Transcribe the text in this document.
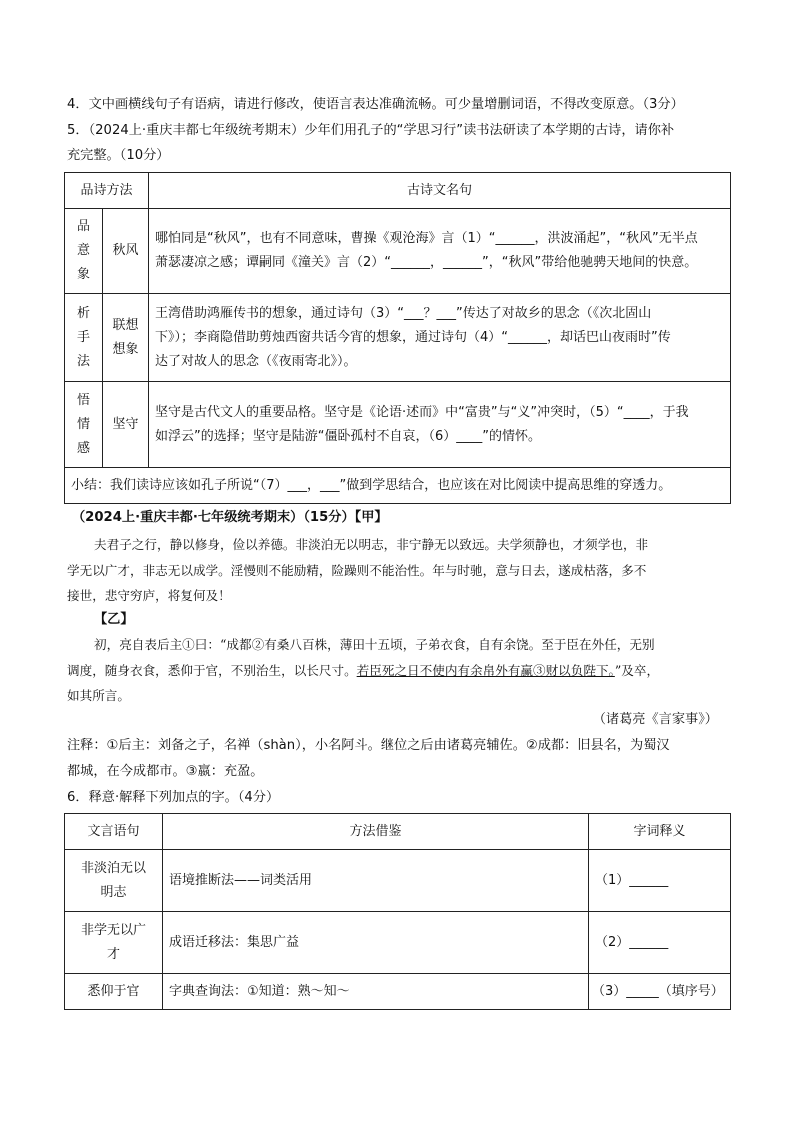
4．文中画横线句子有语病，请进行修改，使语言表达准确流畅。可少量增删词语，不得改变原意。（3分）
5．（2024上·重庆丰都七年级统考期末）少年们用孔子的“学思习行”读书法研读了本学期的古诗，请你补
充完整。（10分）
品诗方法		古诗文名句
品意象	秋风	哪怕同是“秋风”，也有不同意味，曹操《观沧海》言（1）“______，洪波涌起”，“秋风”无半点
萧瑟凄凉之感；谭嗣同《潼关》言（2）“______，______”，“秋风”带给他驰骋天地间的快意。

析手法	联想想象	王湾借助鸿雁传书的想象，通过诗句（3）“___？___”传达了对故乡的思念（《次北固山
下》）；李商隐借助剪烛西窗共话今宵的想象，通过诗句（4）“______，却话巴山夜雨时”传
达了对故人的思念（《夜雨寄北》）。

悟情感	坚守	坚守是古代文人的重要品格。坚守是《论语·述而》中“富贵”与“义”冲突时，（5）“____，于我
如浮云”的选择；坚守是陆游“僵卧孤村不自哀，（6）____”的情怀。

小结：我们读诗应该如孔子所说“（7）___，___”做到学思结合，也应该在对比阅读中提高思维的穿透力。		
（2024上·重庆丰都·七年级统考期末）（15分）【甲】
夫君子之行，静以修身，俭以养德。非淡泊无以明志，非宁静无以致远。夫学须静也，才须学也，非
学无以广才，非志无以成学。淫慢则不能励精，险躁则不能治性。年与时驰，意与日去，遂成枯落，多不
接世，悲守穷庐，将复何及！
【乙】
初，亮自表后主①曰：“成都②有桑八百株，薄田十五顷，子弟衣食，自有余饶。至于臣在外任，无别
调度，随身衣食，悉仰于官，不别治生，以长尺寸。若臣死之日不使内有余帛外有赢③财以负陛下。”及卒，
如其所言。
（诸葛亮《言家事》）
注释：①后主：刘备之子，名禅（shàn），小名阿斗。继位之后由诸葛亮辅佐。②成都：旧县名，为蜀汉
都城，在今成都市。③嬴：充盈。
6．释意·解释下列加点的字。（4分）
文言语句	方法借鉴	字词释义

非淡泊无以
明志	语境推断法——词类活用	（1）______

非学无以广
才	成语迁移法：集思广益	（2）______
悉仰于官	字典查询法：①知道：熟～知～	（3）_____（填序号）
